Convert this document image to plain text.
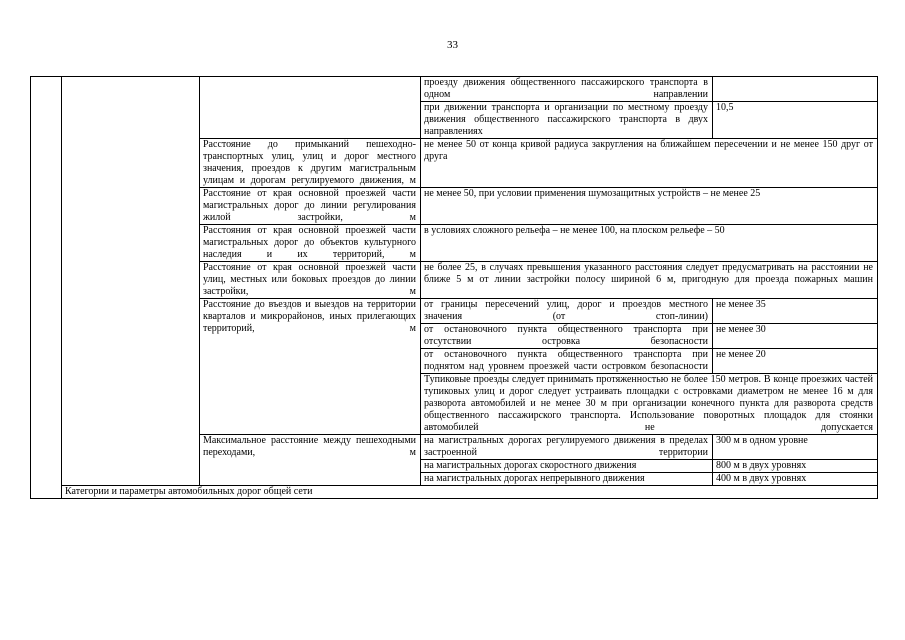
33
			проезду движения общественного пассажирского транспорта в одном направлении	
			при движении транспорта и организации по местному проезду движения общественного пассажирского транспорта в двух направлениях	10,5
		Расстояние до примыканий пешеходно-транспортных улиц, улиц и дорог местного значения, проездов к другим магистральным улицам и дорогам регулируемого движения, м	не менее 50 от конца кривой радиуса закругления на ближайшем пересечении и не менее 150 друг от друга	
		Расстояние от края основной проезжей части магистральных дорог до линии регулирования жилой застройки, м	не менее 50, при условии применения шумозащитных устройств – не менее 25	
		Расстояния от края основной проезжей части магистральных дорог до объектов культурного наследия и их территорий, м	в условиях сложного рельефа – не менее 100, на плоском рельефе – 50	
		Расстояние от края основной проезжей части улиц, местных или боковых проездов до линии застройки, м	не более 25, в случаях превышения указанного расстояния следует предусматривать на расстоянии не ближе 5 м от линии застройки полосу шириной 6 м, пригодную для проезда пожарных машин	
		Расстояние до въездов и выездов на территории кварталов и микрорайонов, иных прилегающих территорий, м	от границы пересечений улиц, дорог и проездов местного значения (от стоп-линии)	не менее 35
			от остановочного пункта общественного транспорта при отсутствии островка безопасности	не менее 30
			от остановочного пункта общественного транспорта при поднятом над уровнем проезжей части островком безопасности	не менее 20
			Тупиковые проезды следует принимать протяженностью не более 150 метров. В конце проезжих частей тупиковых улиц и дорог следует устраивать площадки с островками диаметром не менее 16 м для разворота автомобилей и не менее 30 м при организации конечного пункта для разворота средств общественного пассажирского транспорта. Использование поворотных площадок для стоянки автомобилей не допускается	
		Максимальное расстояние между пешеходными переходами, м	на магистральных дорогах регулируемого движения в пределах застроенной территории	300 м в одном уровне
			на магистральных дорогах скоростного движения	800 м в двух уровнях
			на магистральных дорогах непрерывного движения	400 м в двух уровнях
	Категории и параметры автомобильных дорог общей сети			
